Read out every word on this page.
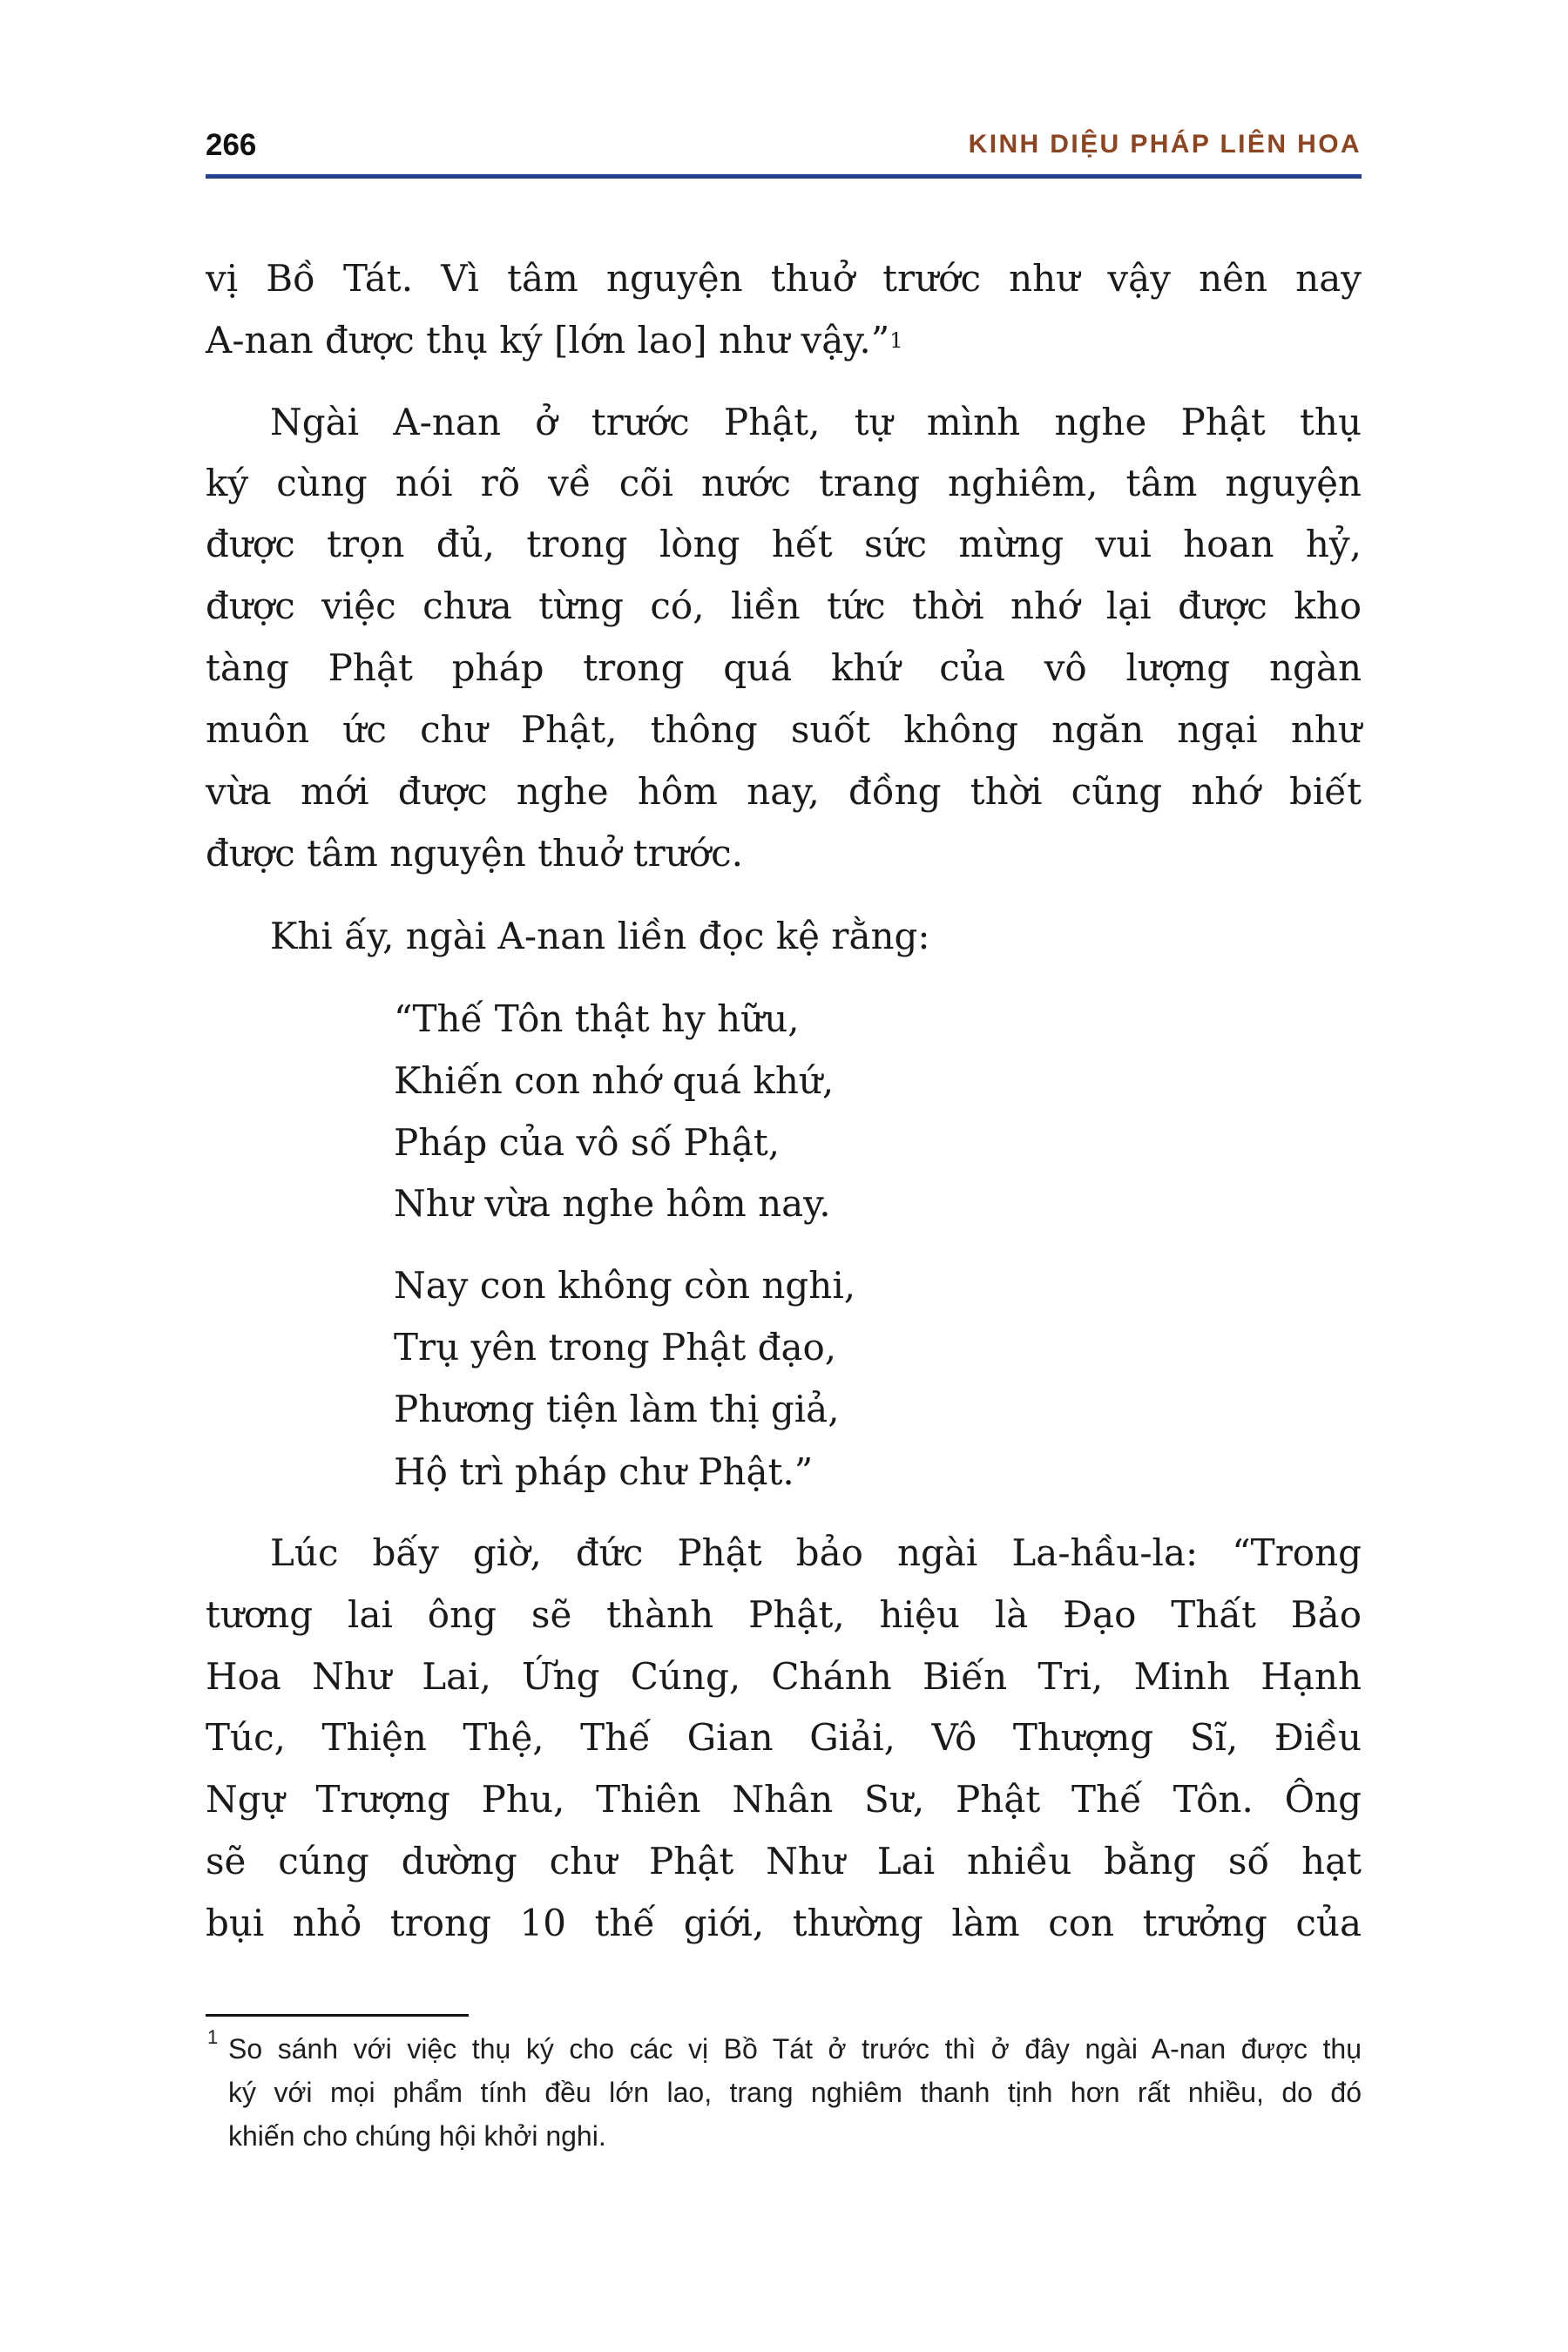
266	KINH DIỆU PHÁP LIÊN HOA
vị Bồ Tát. Vì tâm nguyện thuở trước như vậy nên nay
A-nan được thụ ký [lớn lao] như vậy.”$^1$
Ngài A-nan ở trước Phật, tự mình nghe Phật thụ
ký cùng nói rõ về cõi nước trang nghiêm, tâm nguyện
được trọn đủ, trong lòng hết sức mừng vui hoan hỷ,
được việc chưa từng có, liền tức thời nhớ lại được kho
tàng Phật pháp trong quá khứ của vô lượng ngàn
muôn ức chư Phật, thông suốt không ngăn ngại như
vừa mới được nghe hôm nay, đồng thời cũng nhớ biết
được tâm nguyện thuở trước.
Khi ấy, ngài A-nan liền đọc kệ rằng:
“Thế Tôn thật hy hữu,
Khiến con nhớ quá khứ,
Pháp của vô số Phật,
Như vừa nghe hôm nay.
Nay con không còn nghi,
Trụ yên trong Phật đạo,
Phương tiện làm thị giả,
Hộ trì pháp chư Phật.”
Lúc bấy giờ, đức Phật bảo ngài La-hầu-la: “Trong
tương lai ông sẽ thành Phật, hiệu là Đạo Thất Bảo
Hoa Như Lai, Ứng Cúng, Chánh Biến Tri, Minh Hạnh
Túc, Thiện Thệ, Thế Gian Giải, Vô Thượng Sĩ, Điều
Ngự Trượng Phu, Thiên Nhân Sư, Phật Thế Tôn. Ông
sẽ cúng dường chư Phật Như Lai nhiều bằng số hạt
bụi nhỏ trong 10 thế giới, thường làm con trưởng của
1 So sánh với việc thụ ký cho các vị Bồ Tát ở trước thì ở đây ngài A-nan được thụ
ký với mọi phẩm tính đều lớn lao, trang nghiêm thanh tịnh hơn rất nhiều, do đó
khiến cho chúng hội khởi nghi.
